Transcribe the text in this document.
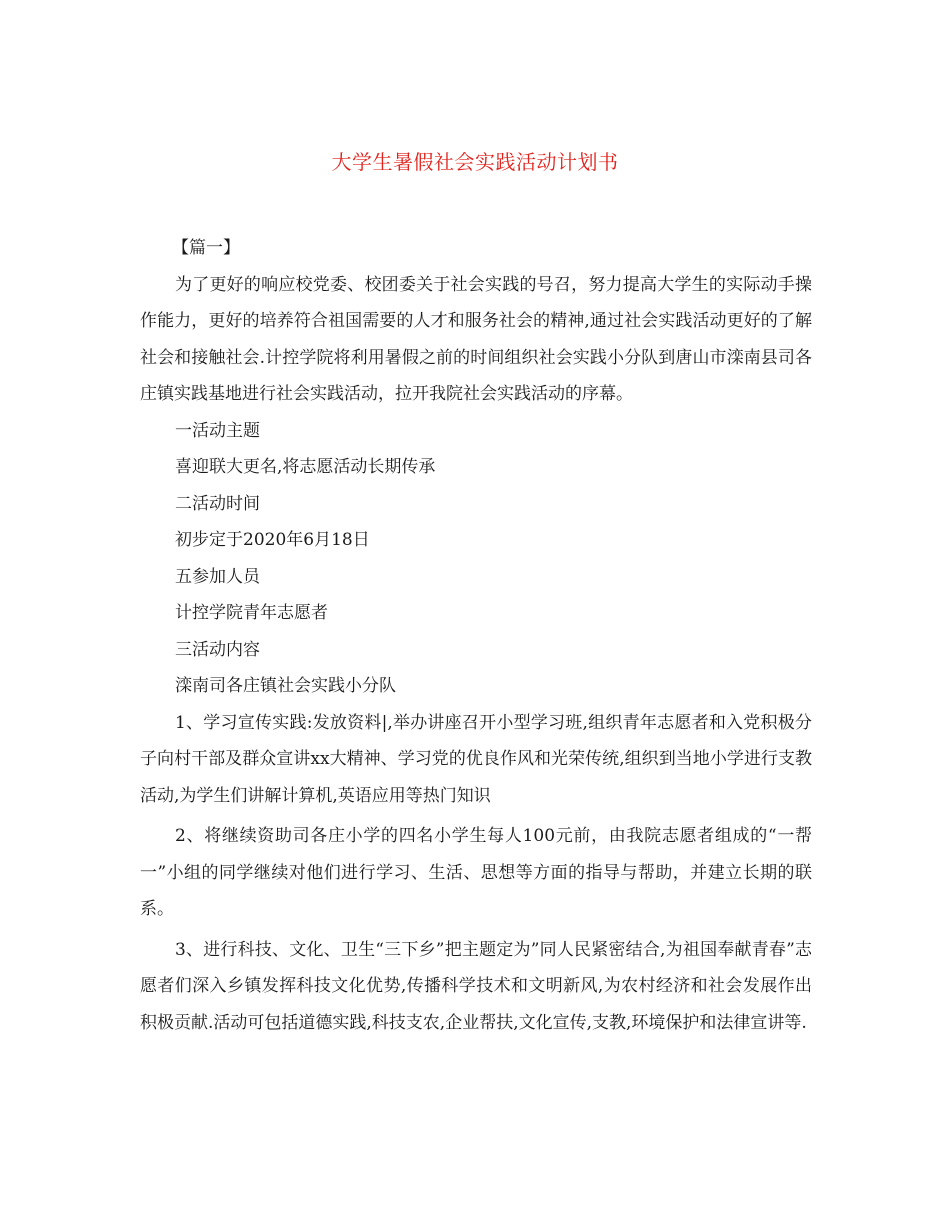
大学生暑假社会实践活动计划书

【篇一】

为了更好的响应校党委、校团委关于社会实践的号召，努力提高大学生的实际动手操作能力，更好的培养符合祖国需要的人才和服务社会的精神,通过社会实践活动更好的了解社会和接触社会.计控学院将利用暑假之前的时间组织社会实践小分队到唐山市滦南县司各庄镇实践基地进行社会实践活动，拉开我院社会实践活动的序幕。

一活动主题

喜迎联大更名,将志愿活动长期传承

二活动时间

初步定于2020年6月18日

五参加人员

计控学院青年志愿者

三活动内容

滦南司各庄镇社会实践小分队

1、学习宣传实践:发放资料|,举办讲座召开小型学习班,组织青年志愿者和入党积极分子向村干部及群众宣讲xx大精神、学习党的优良作风和光荣传统,组织到当地小学进行支教活动,为学生们讲解计算机,英语应用等热门知识

2、将继续资助司各庄小学的四名小学生每人100元前，由我院志愿者组成的“一帮一”小组的同学继续对他们进行学习、生活、思想等方面的指导与帮助，并建立长期的联系。

3、进行科技、文化、卫生“三下乡”把主题定为”同人民紧密结合,为祖国奉献青春”志愿者们深入乡镇发挥科技文化优势,传播科学技术和文明新风,为农村经济和社会发展作出积极贡献.活动可包括道德实践,科技支农,企业帮扶,文化宣传,支教,环境保护和法律宣讲等.
